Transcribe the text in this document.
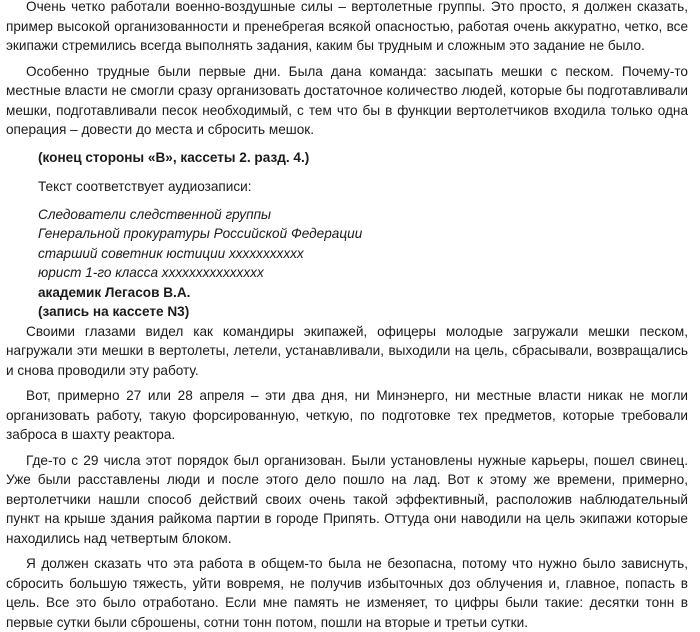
Очень четко работали военно-воздушные силы – вертолетные группы. Это просто, я должен сказать, пример высокой организованности и пренебрегая всякой опасностью, работая очень аккуратно, четко, все экипажи стремились всегда выполнять задания, каким бы трудным и сложным это задание не было.

Особенно трудные были первые дни. Была дана команда: засыпать мешки с песком. Почему-то местные власти не смогли сразу организовать достаточное количество людей, которые бы подготавливали мешки, подготавливали песок необходимый, с тем что бы в функции вертолетчиков входила только одна операция – довести до места и сбросить мешок.

(конец стороны «В», кассеты 2. разд. 4.)
Текст соответствует аудиозаписи:
Следователи следственной группы
Генеральной прокуратуры Российской Федерации
старший советник юстиции ххххххххххх
юрист 1-го класса ххххххххххххххх
академик Легасов В.А.
(запись на кассете N3)

Своими глазами видел как командиры экипажей, офицеры молодые загружали мешки песком, нагружали эти мешки в вертолеты, летели, устанавливали, выходили на цель, сбрасывали, возвращались и снова проводили эту работу.

Вот, примерно 27 или 28 апреля – эти два дня, ни Минэнерго, ни местные власти никак не могли организовать работу, такую форсированную, четкую, по подготовке тех предметов, которые требовали заброса в шахту реактора.

Где-то с 29 числа этот порядок был организован. Были установлены нужные карьеры, пошел свинец. Уже были расставлены люди и после этого дело пошло на лад. Вот к этому же времени, примерно, вертолетчики нашли способ действий своих очень такой эффективный, расположив наблюдательный пункт на крыше здания райкома партии в городе Припять. Оттуда они наводили на цель экипажи которые находились над четвертым блоком.

Я должен сказать что эта работа в общем-то была не безопасна, потому что нужно было зависнуть, сбросить большую тяжесть, уйти вовремя, не получив избыточных доз облучения и, главное, попасть в цель. Все это было отработано. Если мне память не изменяет, то цифры были такие: десятки тонн в первые сутки были сброшены, сотни тонн потом, пошли на вторые и третьи сутки.
